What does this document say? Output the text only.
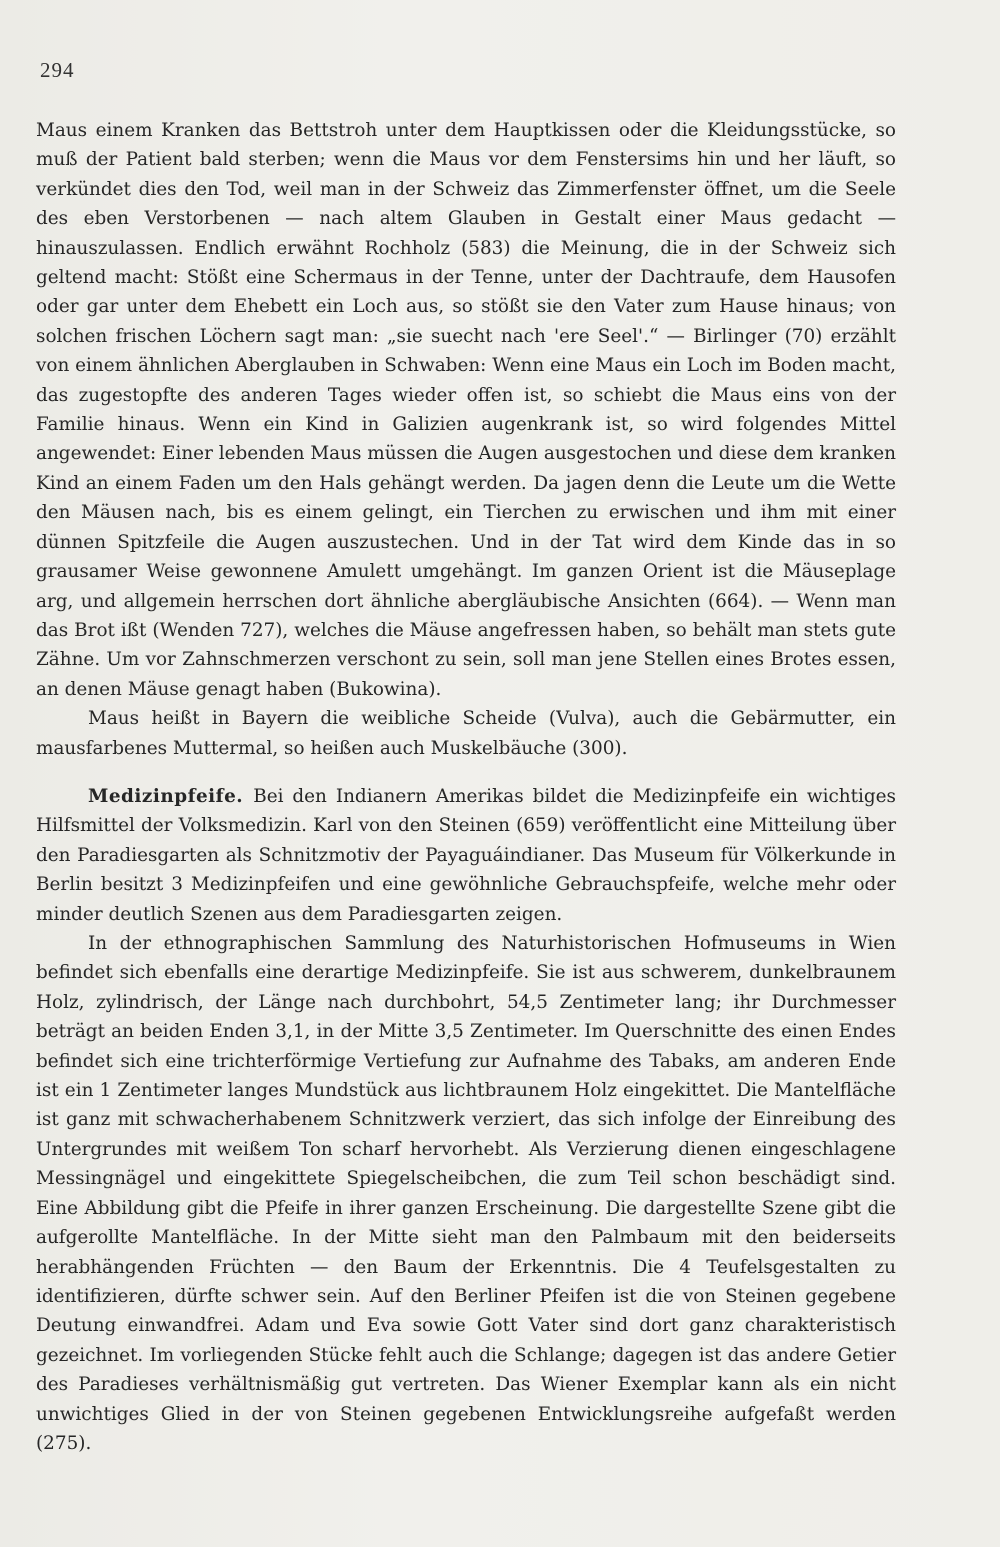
294

Maus einem Kranken das Bettstroh unter dem Hauptkissen oder die Kleidungsstücke, so muß der Patient bald sterben; wenn die Maus vor dem Fenstersims hin und her läuft, so verkündet dies den Tod, weil man in der Schweiz das Zimmerfenster öffnet, um die Seele des eben Verstorbenen — nach altem Glauben in Gestalt einer Maus gedacht — hinauszulassen. Endlich erwähnt Rochholz (583) die Meinung, die in der Schweiz sich geltend macht: Stößt eine Schermaus in der Tenne, unter der Dachtraufe, dem Hausofen oder gar unter dem Ehebett ein Loch aus, so stößt sie den Vater zum Hause hinaus; von solchen frischen Löchern sagt man: „sie suecht nach 'ere Seel'.“ — Birlinger (70) erzählt von einem ähnlichen Aberglauben in Schwaben: Wenn eine Maus ein Loch im Boden macht, das zugestopfte des anderen Tages wieder offen ist, so schiebt die Maus eins von der Familie hinaus. Wenn ein Kind in Galizien augenkrank ist, so wird folgendes Mittel angewendet: Einer lebenden Maus müssen die Augen ausgestochen und diese dem kranken Kind an einem Faden um den Hals gehängt werden. Da jagen denn die Leute um die Wette den Mäusen nach, bis es einem gelingt, ein Tierchen zu erwischen und ihm mit einer dünnen Spitzfeile die Augen auszustechen. Und in der Tat wird dem Kinde das in so grausamer Weise gewonnene Amulett umgehängt. Im ganzen Orient ist die Mäuseplage arg, und allgemein herrschen dort ähnliche abergläubische Ansichten (664). — Wenn man das Brot ißt (Wenden 727), welches die Mäuse angefressen haben, so behält man stets gute Zähne. Um vor Zahnschmerzen verschont zu sein, soll man jene Stellen eines Brotes essen, an denen Mäuse genagt haben (Bukowina).

Maus heißt in Bayern die weibliche Scheide (Vulva), auch die Gebärmutter, ein mausfarbenes Muttermal, so heißen auch Muskelbäuche (300).

Medizinpfeife. Bei den Indianern Amerikas bildet die Medizinpfeife ein wichtiges Hilfsmittel der Volksmedizin. Karl von den Steinen (659) veröffentlicht eine Mitteilung über den Paradiesgarten als Schnitzmotiv der Payaguáindianer. Das Museum für Völkerkunde in Berlin besitzt 3 Medizinpfeifen und eine gewöhnliche Gebrauchspfeife, welche mehr oder minder deutlich Szenen aus dem Paradiesgarten zeigen.

In der ethnographischen Sammlung des Naturhistorischen Hofmuseums in Wien befindet sich ebenfalls eine derartige Medizinpfeife. Sie ist aus schwerem, dunkelbraunem Holz, zylindrisch, der Länge nach durchbohrt, 54,5 Zentimeter lang; ihr Durchmesser beträgt an beiden Enden 3,1, in der Mitte 3,5 Zentimeter. Im Querschnitte des einen Endes befindet sich eine trichterförmige Vertiefung zur Aufnahme des Tabaks, am anderen Ende ist ein 1 Zentimeter langes Mundstück aus lichtbraunem Holz eingekittet. Die Mantelfläche ist ganz mit schwacherhabenem Schnitzwerk verziert, das sich infolge der Einreibung des Untergrundes mit weißem Ton scharf hervorhebt. Als Verzierung dienen eingeschlagene Messingnägel und eingekittete Spiegelscheibchen, die zum Teil schon beschädigt sind. Eine Abbildung gibt die Pfeife in ihrer ganzen Erscheinung. Die dargestellte Szene gibt die aufgerollte Mantelfläche. In der Mitte sieht man den Palmbaum mit den beiderseits herabhängenden Früchten — den Baum der Erkenntnis. Die 4 Teufelsgestalten zu identifizieren, dürfte schwer sein. Auf den Berliner Pfeifen ist die von Steinen gegebene Deutung einwandfrei. Adam und Eva sowie Gott Vater sind dort ganz charakteristisch gezeichnet. Im vorliegenden Stücke fehlt auch die Schlange; dagegen ist das andere Getier des Paradieses verhältnismäßig gut vertreten. Das Wiener Exemplar kann als ein nicht unwichtiges Glied in der von Steinen gegebenen Entwicklungsreihe aufgefaßt werden (275).
